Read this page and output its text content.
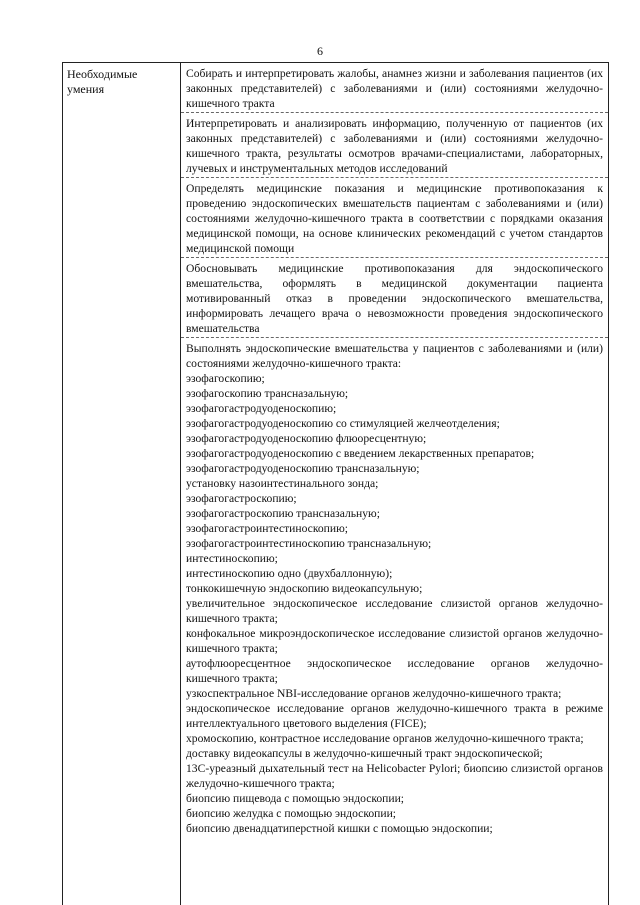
6
Необходимые умения
Собирать и интерпретировать жалобы, анамнез жизни и заболевания пациентов (их законных представителей) с заболеваниями и (или) состояниями желудочно-кишечного тракта
Интерпретировать и анализировать информацию, полученную от пациентов (их законных представителей) с заболеваниями и (или) состояниями желудочно-кишечного тракта, результаты осмотров врачами-специалистами, лабораторных, лучевых и инструментальных методов исследований
Определять медицинские показания и медицинские противопоказания к проведению эндоскопических вмешательств пациентам с заболеваниями и (или) состояниями желудочно-кишечного тракта в соответствии с порядками оказания медицинской помощи, на основе клинических рекомендаций с учетом стандартов медицинской помощи
Обосновывать медицинские противопоказания для эндоскопического вмешательства, оформлять в медицинской документации пациента мотивированный отказ в проведении эндоскопического вмешательства, информировать лечащего врача о невозможности проведения эндоскопического вмешательства

Выполнять эндоскопические вмешательства у пациентов с заболеваниями и (или) состояниями желудочно-кишечного тракта:

эзофагоскопию;

эзофагоскопию трансназальную;

эзофагогастродуоденоскопию;

эзофагогастродуоденоскопию со стимуляцией желчеотделения;

эзофагогастродуоденоскопию флюоресцентную;

эзофагогастродуоденоскопию с введением лекарственных препаратов;

эзофагогастродуоденоскопию трансназальную;

установку назоинтестинального зонда;

эзофагогастроскопию;

эзофагогастроскопию трансназальную;

эзофагогастроинтестиноскопию;

эзофагогастроинтестиноскопию трансназальную;

интестиноскопию;

интестиноскопию одно (двухбаллонную);

тонкокишечную эндоскопию видеокапсульную;

увеличительное эндоскопическое исследование слизистой органов желудочно-кишечного тракта;

конфокальное микроэндоскопическое исследование слизистой органов желудочно-кишечного тракта;

аутофлюоресцентное эндоскопическое исследование органов желудочно-кишечного тракта;

узкоспектральное NBI-исследование органов желудочно-кишечного тракта;

эндоскопическое исследование органов желудочно-кишечного тракта в режиме интеллектуального цветового выделения (FICE);

хромоскопию, контрастное исследование органов желудочно-кишечного тракта;

доставку видеокапсулы в желудочно-кишечный тракт эндоскопической;

13С-уреазный дыхательный тест на Helicobacter Pylori; биопсию слизистой органов желудочно-кишечного тракта;

биопсию пищевода с помощью эндоскопии;

биопсию желудка с помощью эндоскопии;

биопсию двенадцатиперстной кишки с помощью эндоскопии;
